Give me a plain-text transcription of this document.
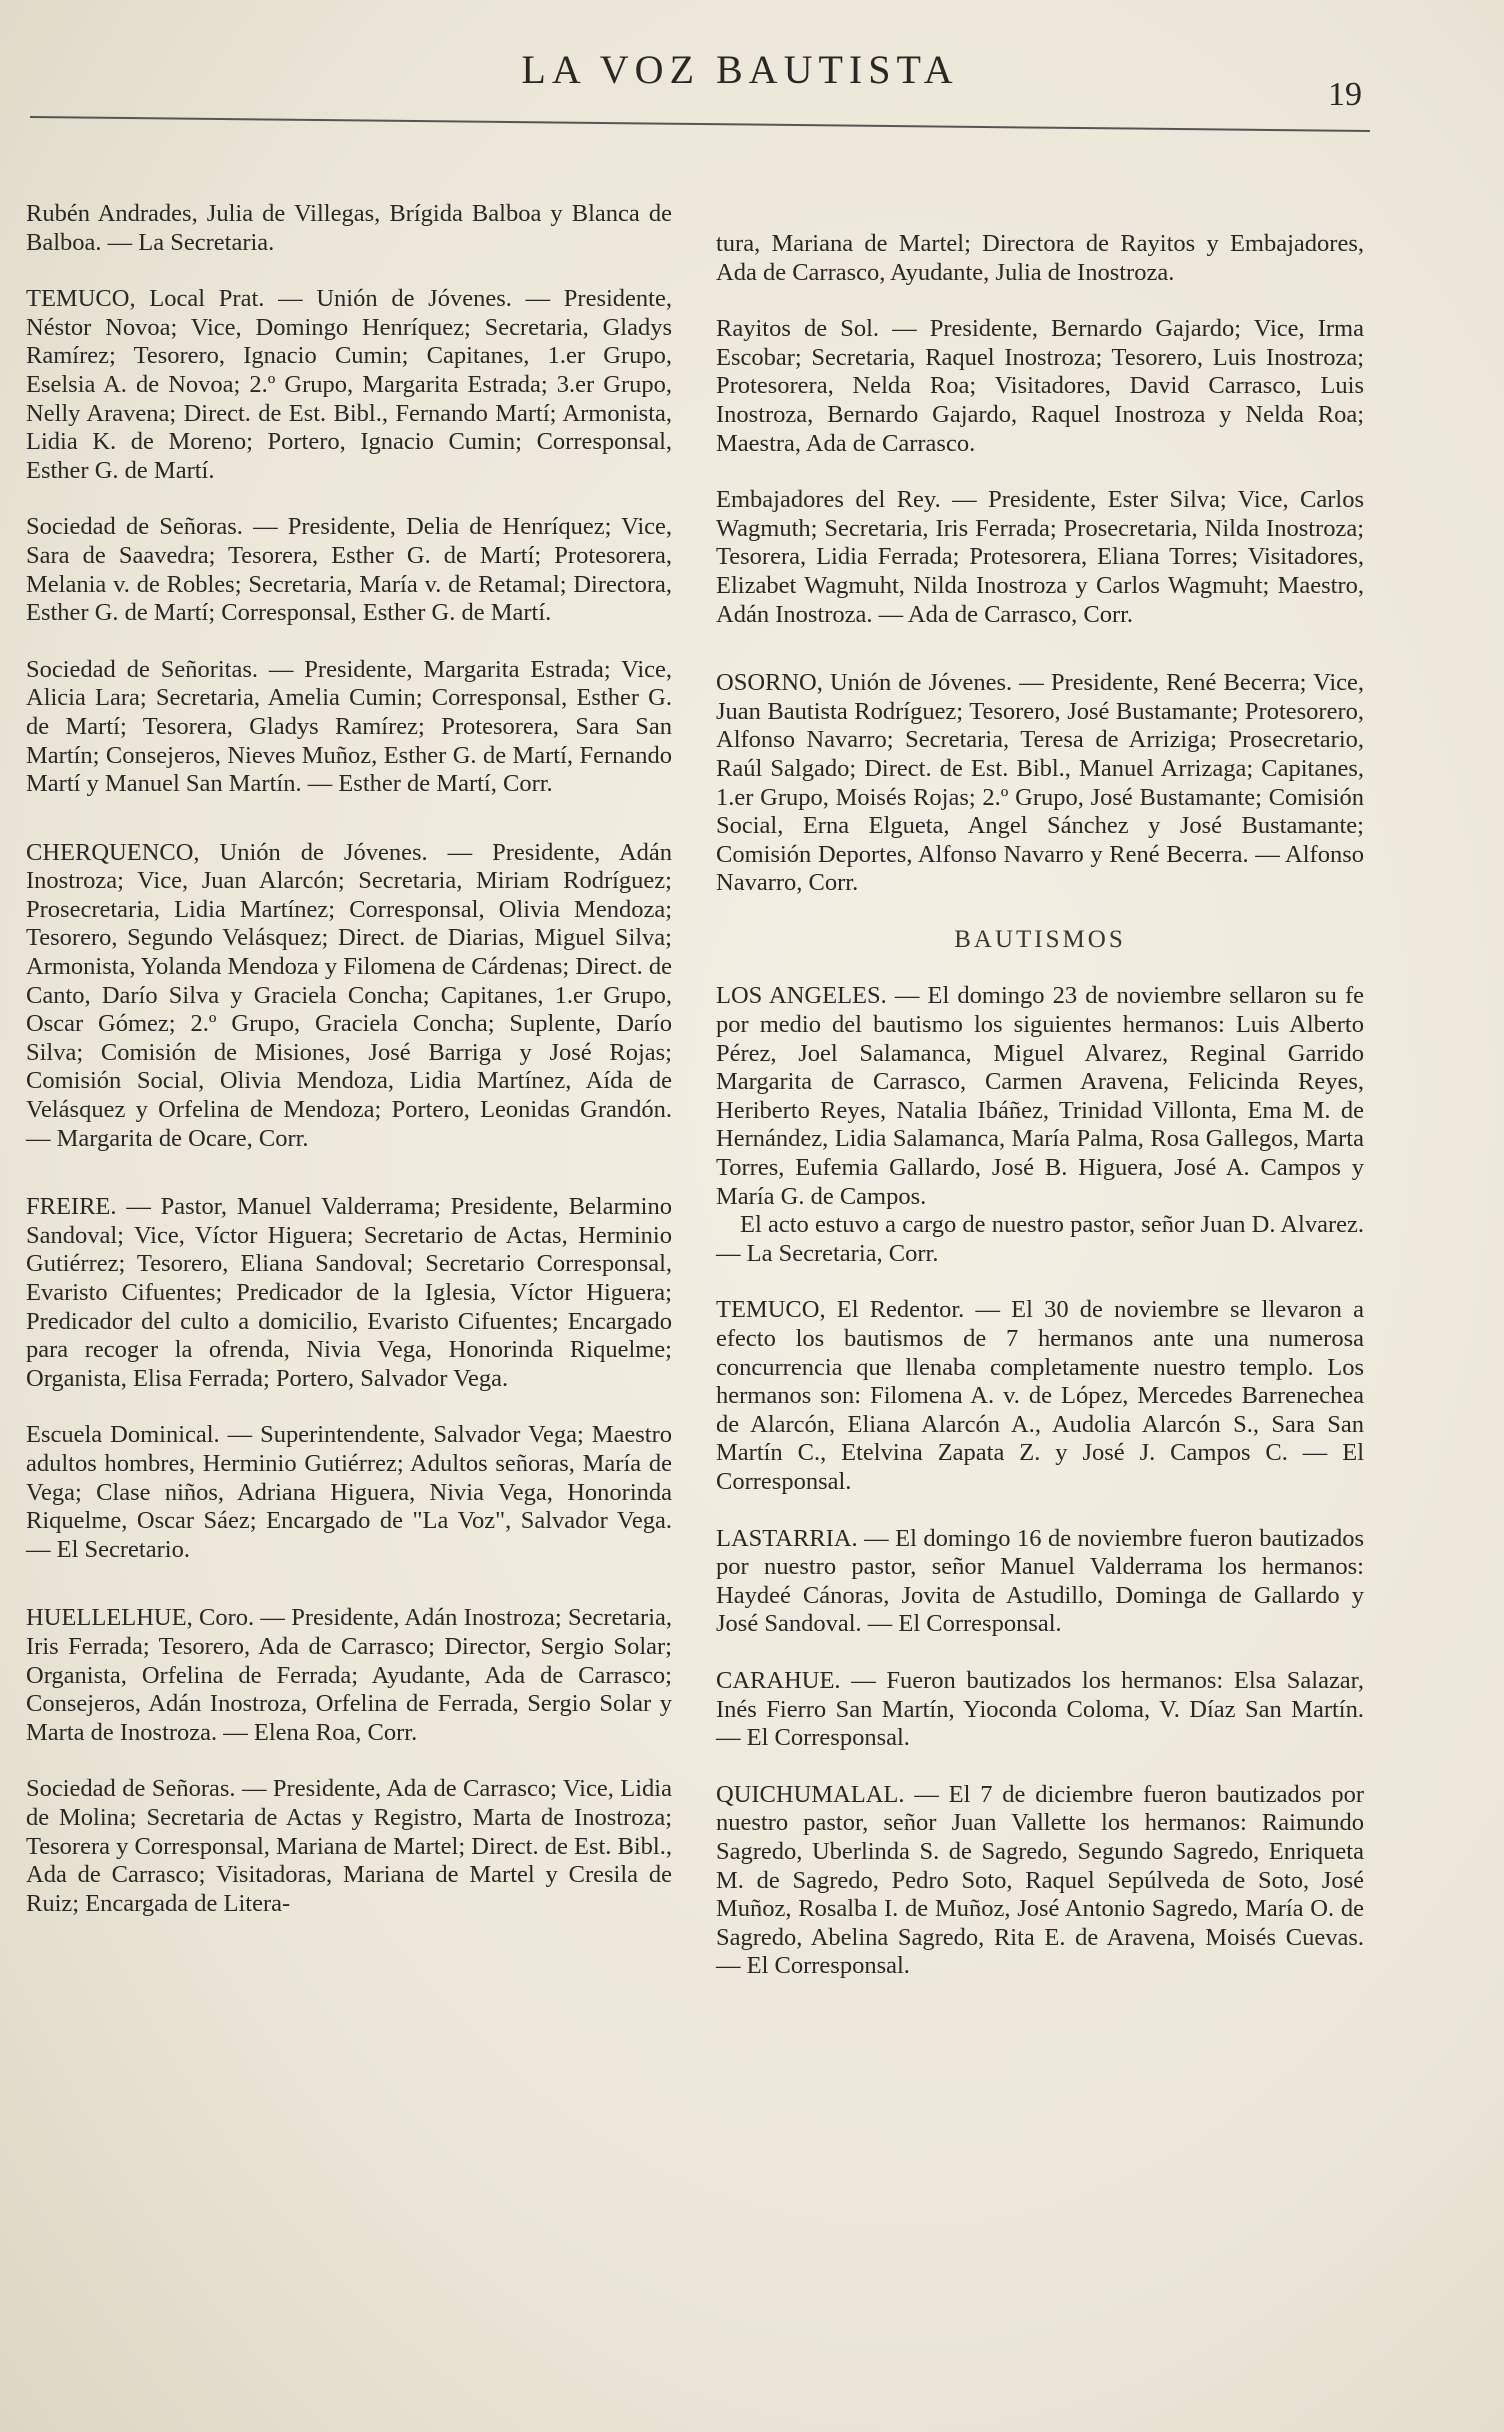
LA VOZ BAUTISTA
19

Rubén Andrades, Julia de Villegas, Brígida Balboa y Blanca de Balboa. — La Secretaria.

TEMUCO, Local Prat. — Unión de Jóvenes. — Presidente, Néstor Novoa; Vice, Domingo Henríquez; Secretaria, Gladys Ramírez; Tesorero, Ignacio Cumin; Capitanes, 1.er Grupo, Eselsia A. de Novoa; 2.º Grupo, Margarita Estrada; 3.er Grupo, Nelly Aravena; Direct. de Est. Bibl., Fernando Martí; Armonista, Lidia K. de Moreno; Portero, Ignacio Cumin; Corresponsal, Esther G. de Martí.

Sociedad de Señoras. — Presidente, Delia de Henríquez; Vice, Sara de Saavedra; Tesorera, Esther G. de Martí; Protesorera, Melania v. de Robles; Secretaria, María v. de Retamal; Directora, Esther G. de Martí; Corresponsal, Esther G. de Martí.

Sociedad de Señoritas. — Presidente, Margarita Estrada; Vice, Alicia Lara; Secretaria, Amelia Cumin; Corresponsal, Esther G. de Martí; Tesorera, Gladys Ramírez; Protesorera, Sara San Martín; Consejeros, Nieves Muñoz, Esther G. de Martí, Fernando Martí y Manuel San Martín. — Esther de Martí, Corr.

CHERQUENCO, Unión de Jóvenes. — Presidente, Adán Inostroza; Vice, Juan Alarcón; Secretaria, Miriam Rodríguez; Prosecretaria, Lidia Martínez; Corresponsal, Olivia Mendoza; Tesorero, Segundo Velásquez; Direct. de Diarias, Miguel Silva; Armonista, Yolanda Mendoza y Filomena de Cárdenas; Direct. de Canto, Darío Silva y Graciela Concha; Capitanes, 1.er Grupo, Oscar Gómez; 2.º Grupo, Graciela Concha; Suplente, Darío Silva; Comisión de Misiones, José Barriga y José Rojas; Comisión Social, Olivia Mendoza, Lidia Martínez, Aída de Velásquez y Orfelina de Mendoza; Portero, Leonidas Grandón. — Margarita de Ocare, Corr.

FREIRE. — Pastor, Manuel Valderrama; Presidente, Belarmino Sandoval; Vice, Víctor Higuera; Secretario de Actas, Herminio Gutiérrez; Tesorero, Eliana Sandoval; Secretario Corresponsal, Evaristo Cifuentes; Predicador de la Iglesia, Víctor Higuera; Predicador del culto a domicilio, Evaristo Cifuentes; Encargado para recoger la ofrenda, Nivia Vega, Honorinda Riquelme; Organista, Elisa Ferrada; Portero, Salvador Vega.

Escuela Dominical. — Superintendente, Salvador Vega; Maestro adultos hombres, Herminio Gutiérrez; Adultos señoras, María de Vega; Clase niños, Adriana Higuera, Nivia Vega, Honorinda Riquelme, Oscar Sáez; Encargado de "La Voz", Salvador Vega. — El Secretario.

HUELLELHUE, Coro. — Presidente, Adán Inostroza; Secretaria, Iris Ferrada; Tesorero, Ada de Carrasco; Director, Sergio Solar; Organista, Orfelina de Ferrada; Ayudante, Ada de Carrasco; Consejeros, Adán Inostroza, Orfelina de Ferrada, Sergio Solar y Marta de Inostroza. — Elena Roa, Corr.

Sociedad de Señoras. — Presidente, Ada de Carrasco; Vice, Lidia de Molina; Secretaria de Actas y Registro, Marta de Inostroza; Tesorera y Corresponsal, Mariana de Martel; Direct. de Est. Bibl., Ada de Carrasco; Visitadoras, Mariana de Martel y Cresila de Ruiz; Encargada de Litera-

tura, Mariana de Martel; Directora de Rayitos y Embajadores, Ada de Carrasco, Ayudante, Julia de Inostroza.

Rayitos de Sol. — Presidente, Bernardo Gajardo; Vice, Irma Escobar; Secretaria, Raquel Inostroza; Tesorero, Luis Inostroza; Protesorera, Nelda Roa; Visitadores, David Carrasco, Luis Inostroza, Bernardo Gajardo, Raquel Inostroza y Nelda Roa; Maestra, Ada de Carrasco.

Embajadores del Rey. — Presidente, Ester Silva; Vice, Carlos Wagmuth; Secretaria, Iris Ferrada; Prosecretaria, Nilda Inostroza; Tesorera, Lidia Ferrada; Protesorera, Eliana Torres; Visitadores, Elizabet Wagmuht, Nilda Inostroza y Carlos Wagmuht; Maestro, Adán Inostroza. — Ada de Carrasco, Corr.

OSORNO, Unión de Jóvenes. — Presidente, René Becerra; Vice, Juan Bautista Rodríguez; Tesorero, José Bustamante; Protesorero, Alfonso Navarro; Secretaria, Teresa de Arriziga; Prosecretario, Raúl Salgado; Direct. de Est. Bibl., Manuel Arrizaga; Capitanes, 1.er Grupo, Moisés Rojas; 2.º Grupo, José Bustamante; Comisión Social, Erna Elgueta, Angel Sánchez y José Bustamante; Comisión Deportes, Alfonso Navarro y René Becerra. — Alfonso Navarro, Corr.

BAUTISMOS

LOS ANGELES. — El domingo 23 de noviembre sellaron su fe por medio del bautismo los siguientes hermanos: Luis Alberto Pérez, Joel Salamanca, Miguel Alvarez, Reginal Garrido Margarita de Carrasco, Carmen Aravena, Felicinda Reyes, Heriberto Reyes, Natalia Ibáñez, Trinidad Villonta, Ema M. de Hernández, Lidia Salamanca, María Palma, Rosa Gallegos, Marta Torres, Eufemia Gallardo, José B. Higuera, José A. Campos y María G. de Campos.

El acto estuvo a cargo de nuestro pastor, señor Juan D. Alvarez. — La Secretaria, Corr.

TEMUCO, El Redentor. — El 30 de noviembre se llevaron a efecto los bautismos de 7 hermanos ante una numerosa concurrencia que llenaba completamente nuestro templo. Los hermanos son: Filomena A. v. de López, Mercedes Barrenechea de Alarcón, Eliana Alarcón A., Audolia Alarcón S., Sara San Martín C., Etelvina Zapata Z. y José J. Campos C. — El Corresponsal.

LASTARRIA. — El domingo 16 de noviembre fueron bautizados por nuestro pastor, señor Manuel Valderrama los hermanos: Haydeé Cánoras, Jovita de Astudillo, Dominga de Gallardo y José Sandoval. — El Corresponsal.

CARAHUE. — Fueron bautizados los hermanos: Elsa Salazar, Inés Fierro San Martín, Yioconda Coloma, V. Díaz San Martín. — El Corresponsal.

QUICHUMALAL. — El 7 de diciembre fueron bautizados por nuestro pastor, señor Juan Vallette los hermanos: Raimundo Sagredo, Uberlinda S. de Sagredo, Segundo Sagredo, Enriqueta M. de Sagredo, Pedro Soto, Raquel Sepúlveda de Soto, José Muñoz, Rosalba I. de Muñoz, José Antonio Sagredo, María O. de Sagredo, Abelina Sagredo, Rita E. de Aravena, Moisés Cuevas. — El Corresponsal.
